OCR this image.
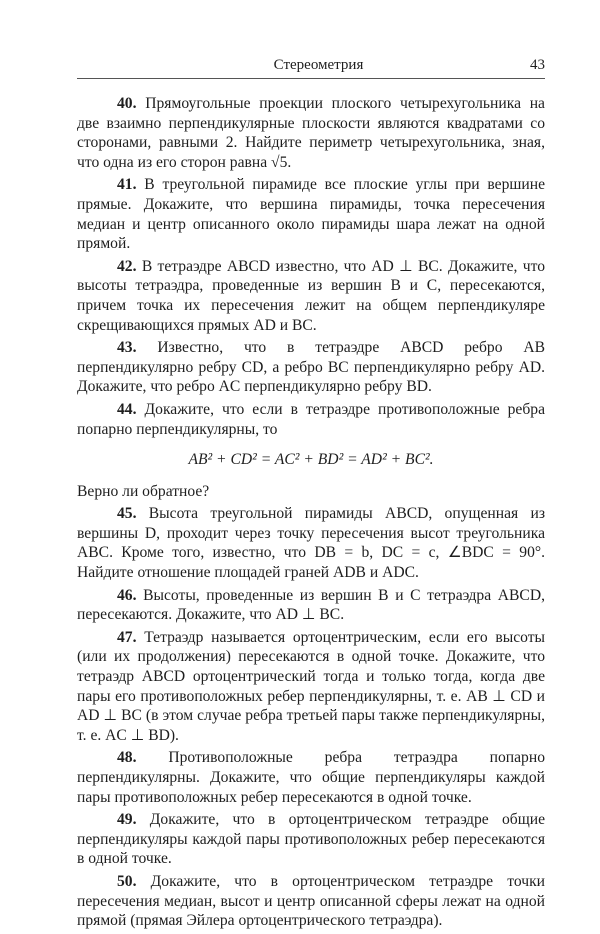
Стереометрия	43

40. Прямоугольные проекции плоского четырехугольника на две взаимно перпендикулярные плоскости являются квадратами со сторонами, равными 2. Найдите периметр четырехугольника, зная, что одна из его сторон равна √5.

41. В треугольной пирамиде все плоские углы при вершине прямые. Докажите, что вершина пирамиды, точка пересечения медиан и центр описанного около пирамиды шара лежат на одной прямой.

42. В тетраэдре ABCD известно, что AD ⊥ BC. Докажите, что высоты тетраэдра, проведенные из вершин B и C, пересекаются, причем точка их пересечения лежит на общем перпендикуляре скрещивающихся прямых AD и BC.

43. Известно, что в тетраэдре ABCD ребро AB перпендикулярно ребру CD, а ребро BC перпендикулярно ребру AD. Докажите, что ребро AC перпендикулярно ребру BD.

44. Докажите, что если в тетраэдре противоположные ребра попарно перпендикулярны, то

AB² + CD² = AC² + BD² = AD² + BC².

Верно ли обратное?

45. Высота треугольной пирамиды ABCD, опущенная из вершины D, проходит через точку пересечения высот треугольника ABC. Кроме того, известно, что DB = b, DC = c, ∠BDC = 90°. Найдите отношение площадей граней ADB и ADC.

46. Высоты, проведенные из вершин B и C тетраэдра ABCD, пересекаются. Докажите, что AD ⊥ BC.

47. Тетраэдр называется ортоцентрическим, если его высоты (или их продолжения) пересекаются в одной точке. Докажите, что тетраэдр ABCD ортоцентрический тогда и только тогда, когда две пары его противоположных ребер перпендикулярны, т. е. AB ⊥ CD и AD ⊥ BC (в этом случае ребра третьей пары также перпендикулярны, т. е. AC ⊥ BD).

48. Противоположные ребра тетраэдра попарно перпендикулярны. Докажите, что общие перпендикуляры каждой пары противоположных ребер пересекаются в одной точке.

49. Докажите, что в ортоцентрическом тетраэдре общие перпендикуляры каждой пары противоположных ребер пересекаются в одной точке.

50. Докажите, что в ортоцентрическом тетраэдре точки пересечения медиан, высот и центр описанной сферы лежат на одной прямой (прямая Эйлера ортоцентрического тетраэдра).
